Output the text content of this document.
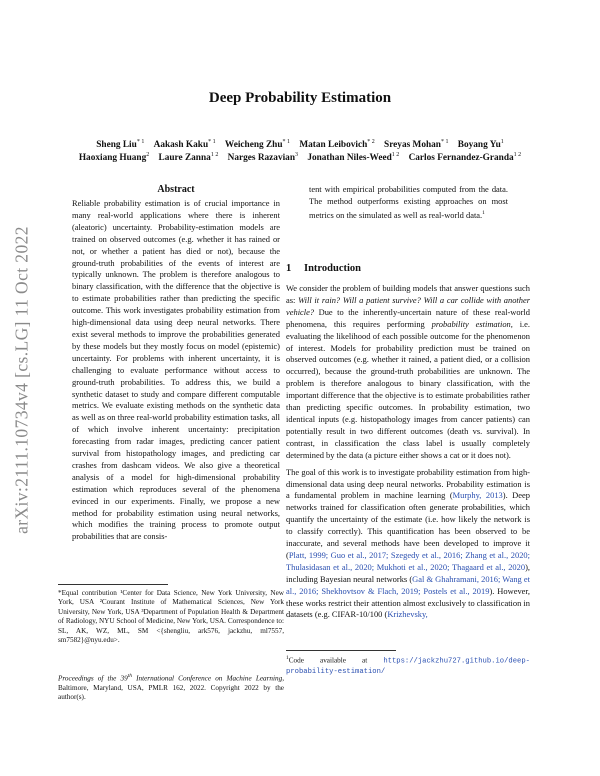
arXiv:2111.10734v4 [cs.LG] 11 Oct 2022
Deep Probability Estimation
Sheng Liu$^{* 1}$  Aakash Kaku$^{* 1}$  Weicheng Zhu$^{* 1}$  Matan Leibovich$^{* 2}$  Sreyas Mohan$^{* 1}$  Boyang Yu$^1$
Haoxiang Huang$^2$  Laure Zanna$^{1 2}$  Narges Razavian$^3$  Jonathan Niles-Weed$^{1 2}$  Carlos Fernandez-Granda$^{1 2}$
Abstract

Reliable probability estimation is of crucial importance in many real-world applications where there is inherent (aleatoric) uncertainty. Probability-estimation models are trained on observed outcomes (e.g. whether it has rained or not, or whether a patient has died or not), because the ground-truth probabilities of the events of interest are typically unknown. The problem is therefore analogous to binary classification, with the difference that the objective is to estimate probabilities rather than predicting the specific outcome. This work investigates probability estimation from high-dimensional data using deep neural networks. There exist several methods to improve the probabilities generated by these models but they mostly focus on model (epistemic) uncertainty. For problems with inherent uncertainty, it is challenging to evaluate performance without access to ground-truth probabilities. To address this, we build a synthetic dataset to study and compare different computable metrics. We evaluate existing methods on the synthetic data as well as on three real-world probability estimation tasks, all of which involve inherent uncertainty: precipitation forecasting from radar images, predicting cancer patient survival from histopathology images, and predicting car crashes from dashcam videos. We also give a theoretical analysis of a model for high-dimensional probability estimation which reproduces several of the phenomena evinced in our experiments. Finally, we propose a new method for probability estimation using neural networks, which modifies the training process to promote output probabilities that are consis-

tent with empirical probabilities computed from the data. The method outperforms existing approaches on most metrics on the simulated as well as real-world data.$^1$

1 Introduction

We consider the problem of building models that answer questions such as: Will it rain? Will a patient survive? Will a car collide with another vehicle? Due to the inherently-uncertain nature of these real-world phenomena, this requires performing probability estimation, i.e. evaluating the likelihood of each possible outcome for the phenomenon of interest. Models for probability prediction must be trained on observed outcomes (e.g. whether it rained, a patient died, or a collision occurred), because the ground-truth probabilities are unknown. The problem is therefore analogous to binary classification, with the important difference that the objective is to estimate probabilities rather than predicting specific outcomes. In probability estimation, two identical inputs (e.g. histopathology images from cancer patients) can potentially result in two different outcomes (death vs. survival). In contrast, in classification the class label is usually completely determined by the data (a picture either shows a cat or it does not).

The goal of this work is to investigate probability estimation from high-dimensional data using deep neural networks. Probability estimation is a fundamental problem in machine learning (Murphy, 2013). Deep networks trained for classification often generate probabilities, which quantify the uncertainty of the estimate (i.e. how likely the network is to classify correctly). This quantification has been observed to be inaccurate, and several methods have been developed to improve it (Platt, 1999; Guo et al., 2017; Szegedy et al., 2016; Zhang et al., 2020; Thulasidasan et al., 2020; Mukhoti et al., 2020; Thagaard et al., 2020), including Bayesian neural networks (Gal & Ghahramani, 2016; Wang et al., 2016; Shekhovtsov & Flach, 2019; Postels et al., 2019). However, these works restrict their attention almost exclusively to classification in datasets (e.g. CIFAR-10/100 (Krizhevsky,

*Equal contribution ¹Center for Data Science, New York University, New York, USA ²Courant Institute of Mathematical Sciences, New York University, New York, USA ³Department of Population Health & Department of Radiology, NYU School of Medicine, New York, USA. Correspondence to: SL, AK, WZ, ML, SM <{shengliu, ark576, jackzhu, ml7557, sm7582}@nyu.edu>.
Proceedings of the 39th International Conference on Machine Learning, Baltimore, Maryland, USA, PMLR 162, 2022. Copyright 2022 by the author(s).
$^1$Code available at https://jackzhu727.github.io/deep-probability-estimation/
